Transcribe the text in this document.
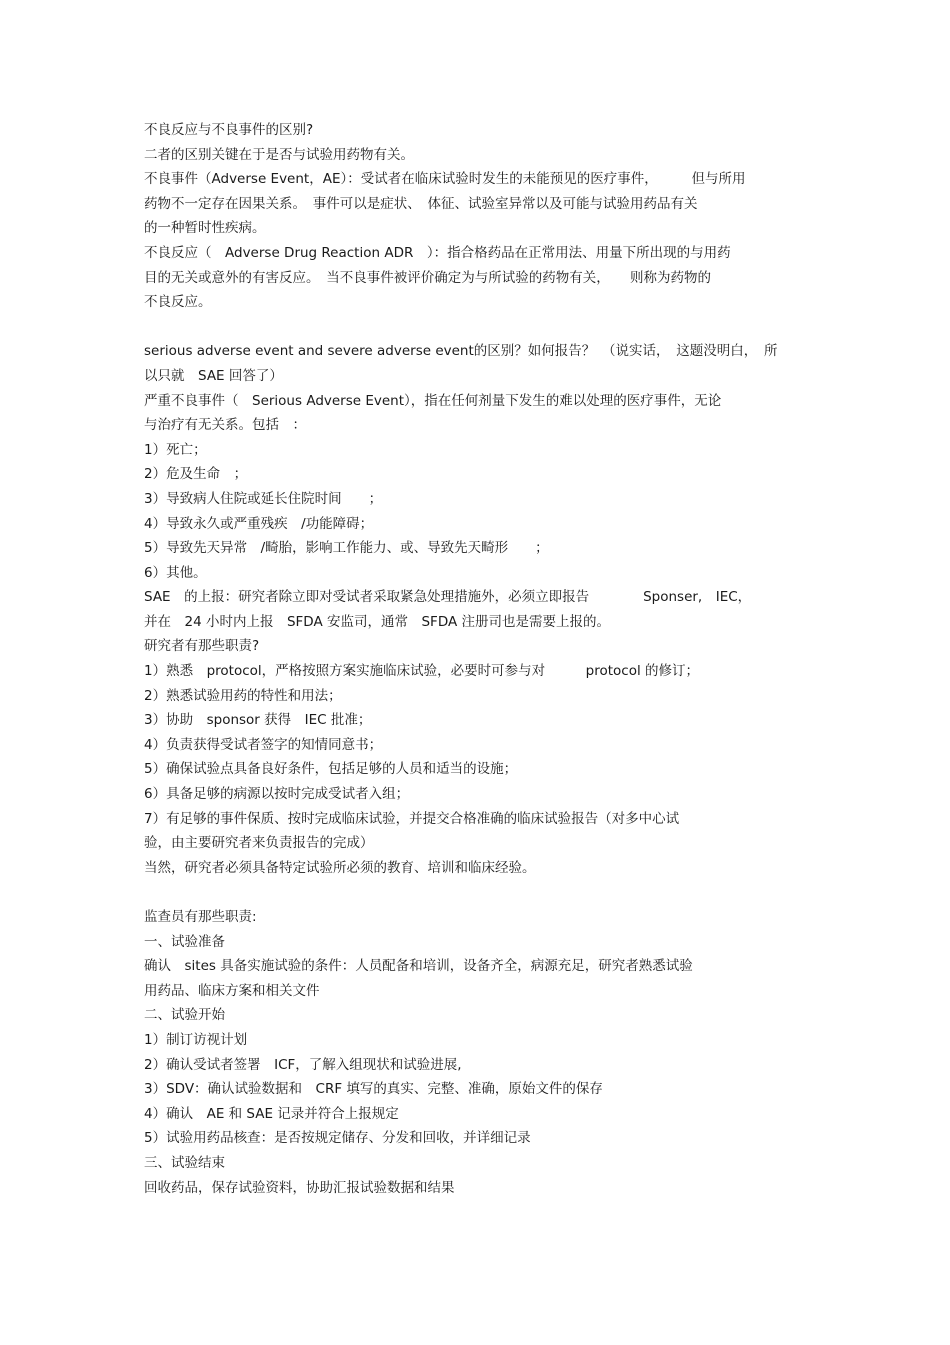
不良反应与不良事件的区别?
二者的区别关键在于是否与试验用药物有关。
不良事件（Adverse Event，AE）：受试者在临床试验时发生的未能预见的医疗事件，　　　但与所用
药物不一定存在因果关系。　事件可以是症状、　体征、试验室异常以及可能与试验用药品有关
的一种暂时性疾病。
不良反应（　Adverse Drug Reaction ADR　）：指合格药品在正常用法、用量下所出现的与用药
目的无关或意外的有害反应。　当不良事件被评价确定为与所试验的药物有关，　　则称为药物的
不良反应。
serious adverse event and severe adverse event的区别？如何报告？　（说实话，　这题没明白，　所
以只就　SAE 回答了）
严重不良事件（　Serious Adverse Event），指在任何剂量下发生的难以处理的医疗事件，无论
与治疗有无关系。包括　：
1）死亡；
2）危及生命　；
3）导致病人住院或延长住院时间　　；
4）导致永久或严重残疾　/功能障碍；
5）导致先天异常　/畸胎，影响工作能力、或、导致先天畸形　　；
6）其他。
SAE　的上报：研究者除立即对受试者采取紧急处理措施外，必须立即报告　　　　Sponser,　IEC，
并在　24 小时内上报　SFDA 安监司，通常　SFDA 注册司也是需要上报的。
研究者有那些职责?
1）熟悉　protocol，严格按照方案实施临床试验，必要时可参与对　　　protocol 的修订；
2）熟悉试验用药的特性和用法；
3）协助　sponsor 获得　IEC 批准；
4）负责获得受试者签字的知情同意书；
5）确保试验点具备良好条件，包括足够的人员和适当的设施；
6）具备足够的病源以按时完成受试者入组；
7）有足够的事件保质、按时完成临床试验，并提交合格准确的临床试验报告（对多中心试
验，由主要研究者来负责报告的完成）
当然，研究者必须具备特定试验所必须的教育、培训和临床经验。
监查员有那些职责:
一、试验准备
确认　sites 具备实施试验的条件：人员配备和培训，设备齐全，病源充足，研究者熟悉试验
用药品、临床方案和相关文件
二、试验开始
1）制订访视计划
2）确认受试者签署　ICF，了解入组现状和试验进展,
3）SDV：确认试验数据和　CRF 填写的真实、完整、准确，原始文件的保存
4）确认　AE 和 SAE 记录并符合上报规定
5）试验用药品核查：是否按规定储存、分发和回收，并详细记录
三、试验结束
回收药品，保存试验资料，协助汇报试验数据和结果
